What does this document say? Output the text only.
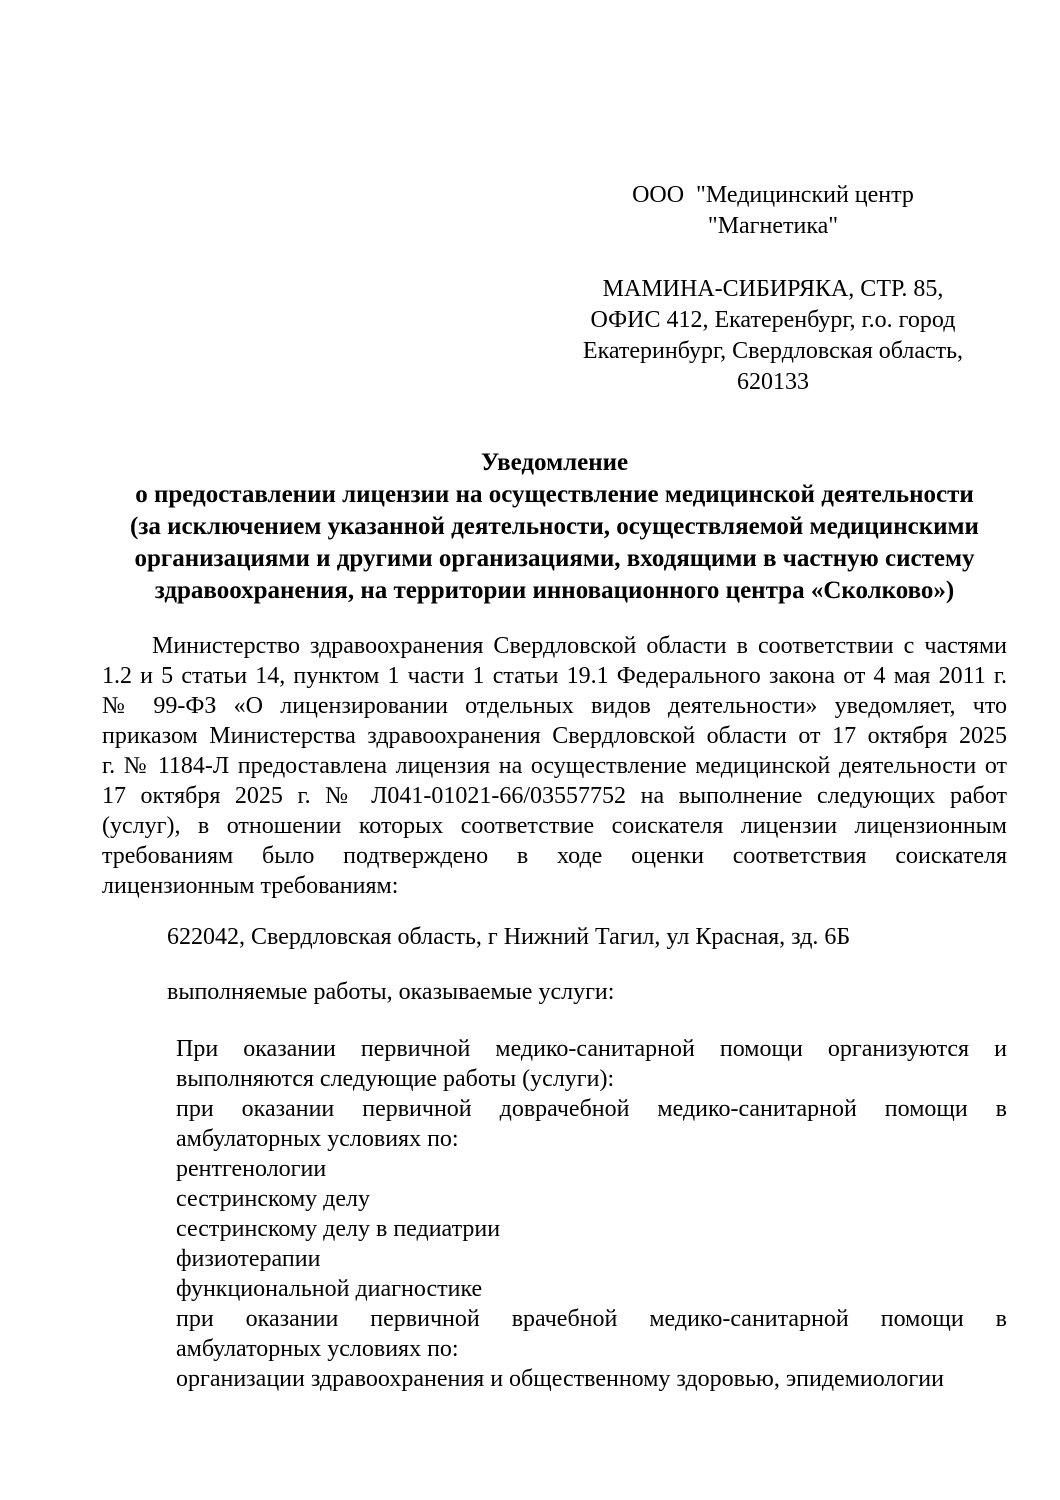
ООО  "Медицинский центр
"Магнетика"
МАМИНА-СИБИРЯКА, СТР. 85,
ОФИС 412, Екатеренбург, г.о. город
Екатеринбург, Свердловская область,
620133
Уведомление
о предоставлении лицензии на осуществление медицинской деятельности
(за исключением указанной деятельности, осуществляемой медицинскими
организациями и другими организациями, входящими в частную систему
здравоохранения, на территории инновационного центра «Сколково»)
Министерство здравоохранения Свердловской области в соответствии с частями
1.2 и 5 статьи 14, пунктом 1 части 1 статьи 19.1 Федерального закона от 4 мая 2011 г.
№ 99-ФЗ «О лицензировании отдельных видов деятельности» уведомляет, что
приказом Министерства здравоохранения Свердловской области от 17 октября 2025
г. № 1184-Л предоставлена лицензия на осуществление медицинской деятельности от
17 октября 2025 г. № Л041-01021-66/03557752 на выполнение следующих работ
(услуг), в отношении которых соответствие соискателя лицензии лицензионным
требованиям было подтверждено в ходе оценки соответствия соискателя
лицензионным требованиям:
622042, Свердловская область, г Нижний Тагил, ул Красная, зд. 6Б
выполняемые работы, оказываемые услуги:
При оказании первичной медико-санитарной помощи организуются и
выполняются следующие работы (услуги):
при оказании первичной доврачебной медико-санитарной помощи в
амбулаторных условиях по:
рентгенологии
сестринскому делу
сестринскому делу в педиатрии
физиотерапии
функциональной диагностике
при оказании первичной врачебной медико-санитарной помощи в
амбулаторных условиях по:
организации здравоохранения и общественному здоровью, эпидемиологии
